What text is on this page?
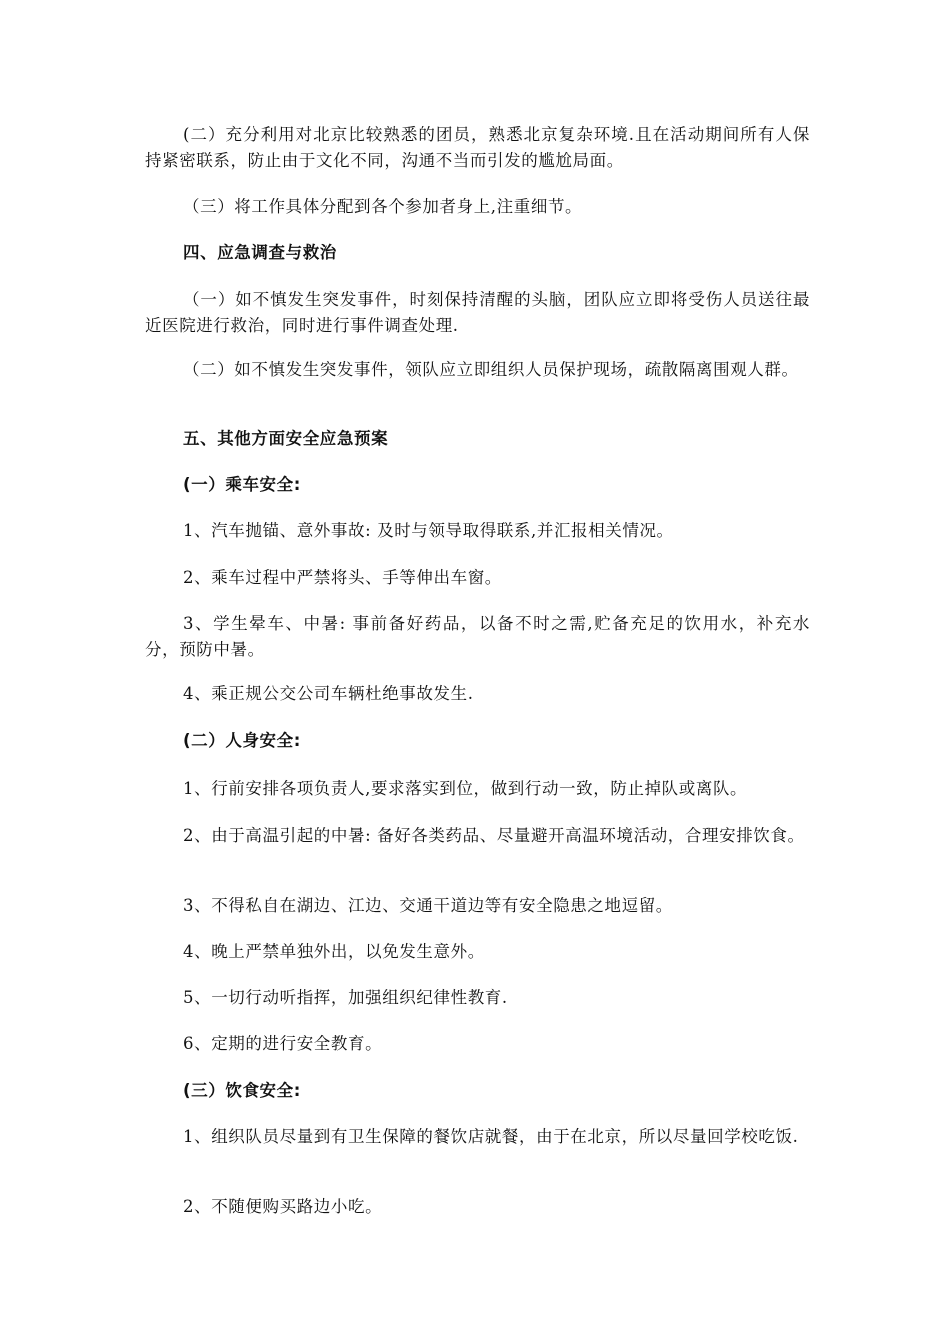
(二）充分利用对北京比较熟悉的团员，熟悉北京复杂环境.且在活动期间所有人保持紧密联系，防止由于文化不同，沟通不当而引发的尴尬局面。

（三）将工作具体分配到各个参加者身上,注重细节。

四、应急调查与救治

（一）如不慎发生突发事件，时刻保持清醒的头脑，团队应立即将受伤人员送往最近医院进行救治，同时进行事件调查处理.

（二）如不慎发生突发事件，领队应立即组织人员保护现场，疏散隔离围观人群。

五、其他方面安全应急预案

(一）乘车安全:

1、汽车抛锚、意外事故: 及时与领导取得联系,并汇报相关情况。

2、乘车过程中严禁将头、手等伸出车窗。

3、学生晕车、中暑: 事前备好药品，以备不时之需,贮备充足的饮用水，补充水分，预防中暑。

4、乘正规公交公司车辆杜绝事故发生.

(二）人身安全:

1、行前安排各项负责人,要求落实到位，做到行动一致，防止掉队或离队。

2、由于高温引起的中暑: 备好各类药品、尽量避开高温环境活动，合理安排饮食。

3、不得私自在湖边、江边、交通干道边等有安全隐患之地逗留。

4、晚上严禁单独外出，以免发生意外。

5、一切行动听指挥，加强组织纪律性教育.

6、定期的进行安全教育。

(三）饮食安全:

1、组织队员尽量到有卫生保障的餐饮店就餐，由于在北京，所以尽量回学校吃饭.

2、不随便购买路边小吃。
